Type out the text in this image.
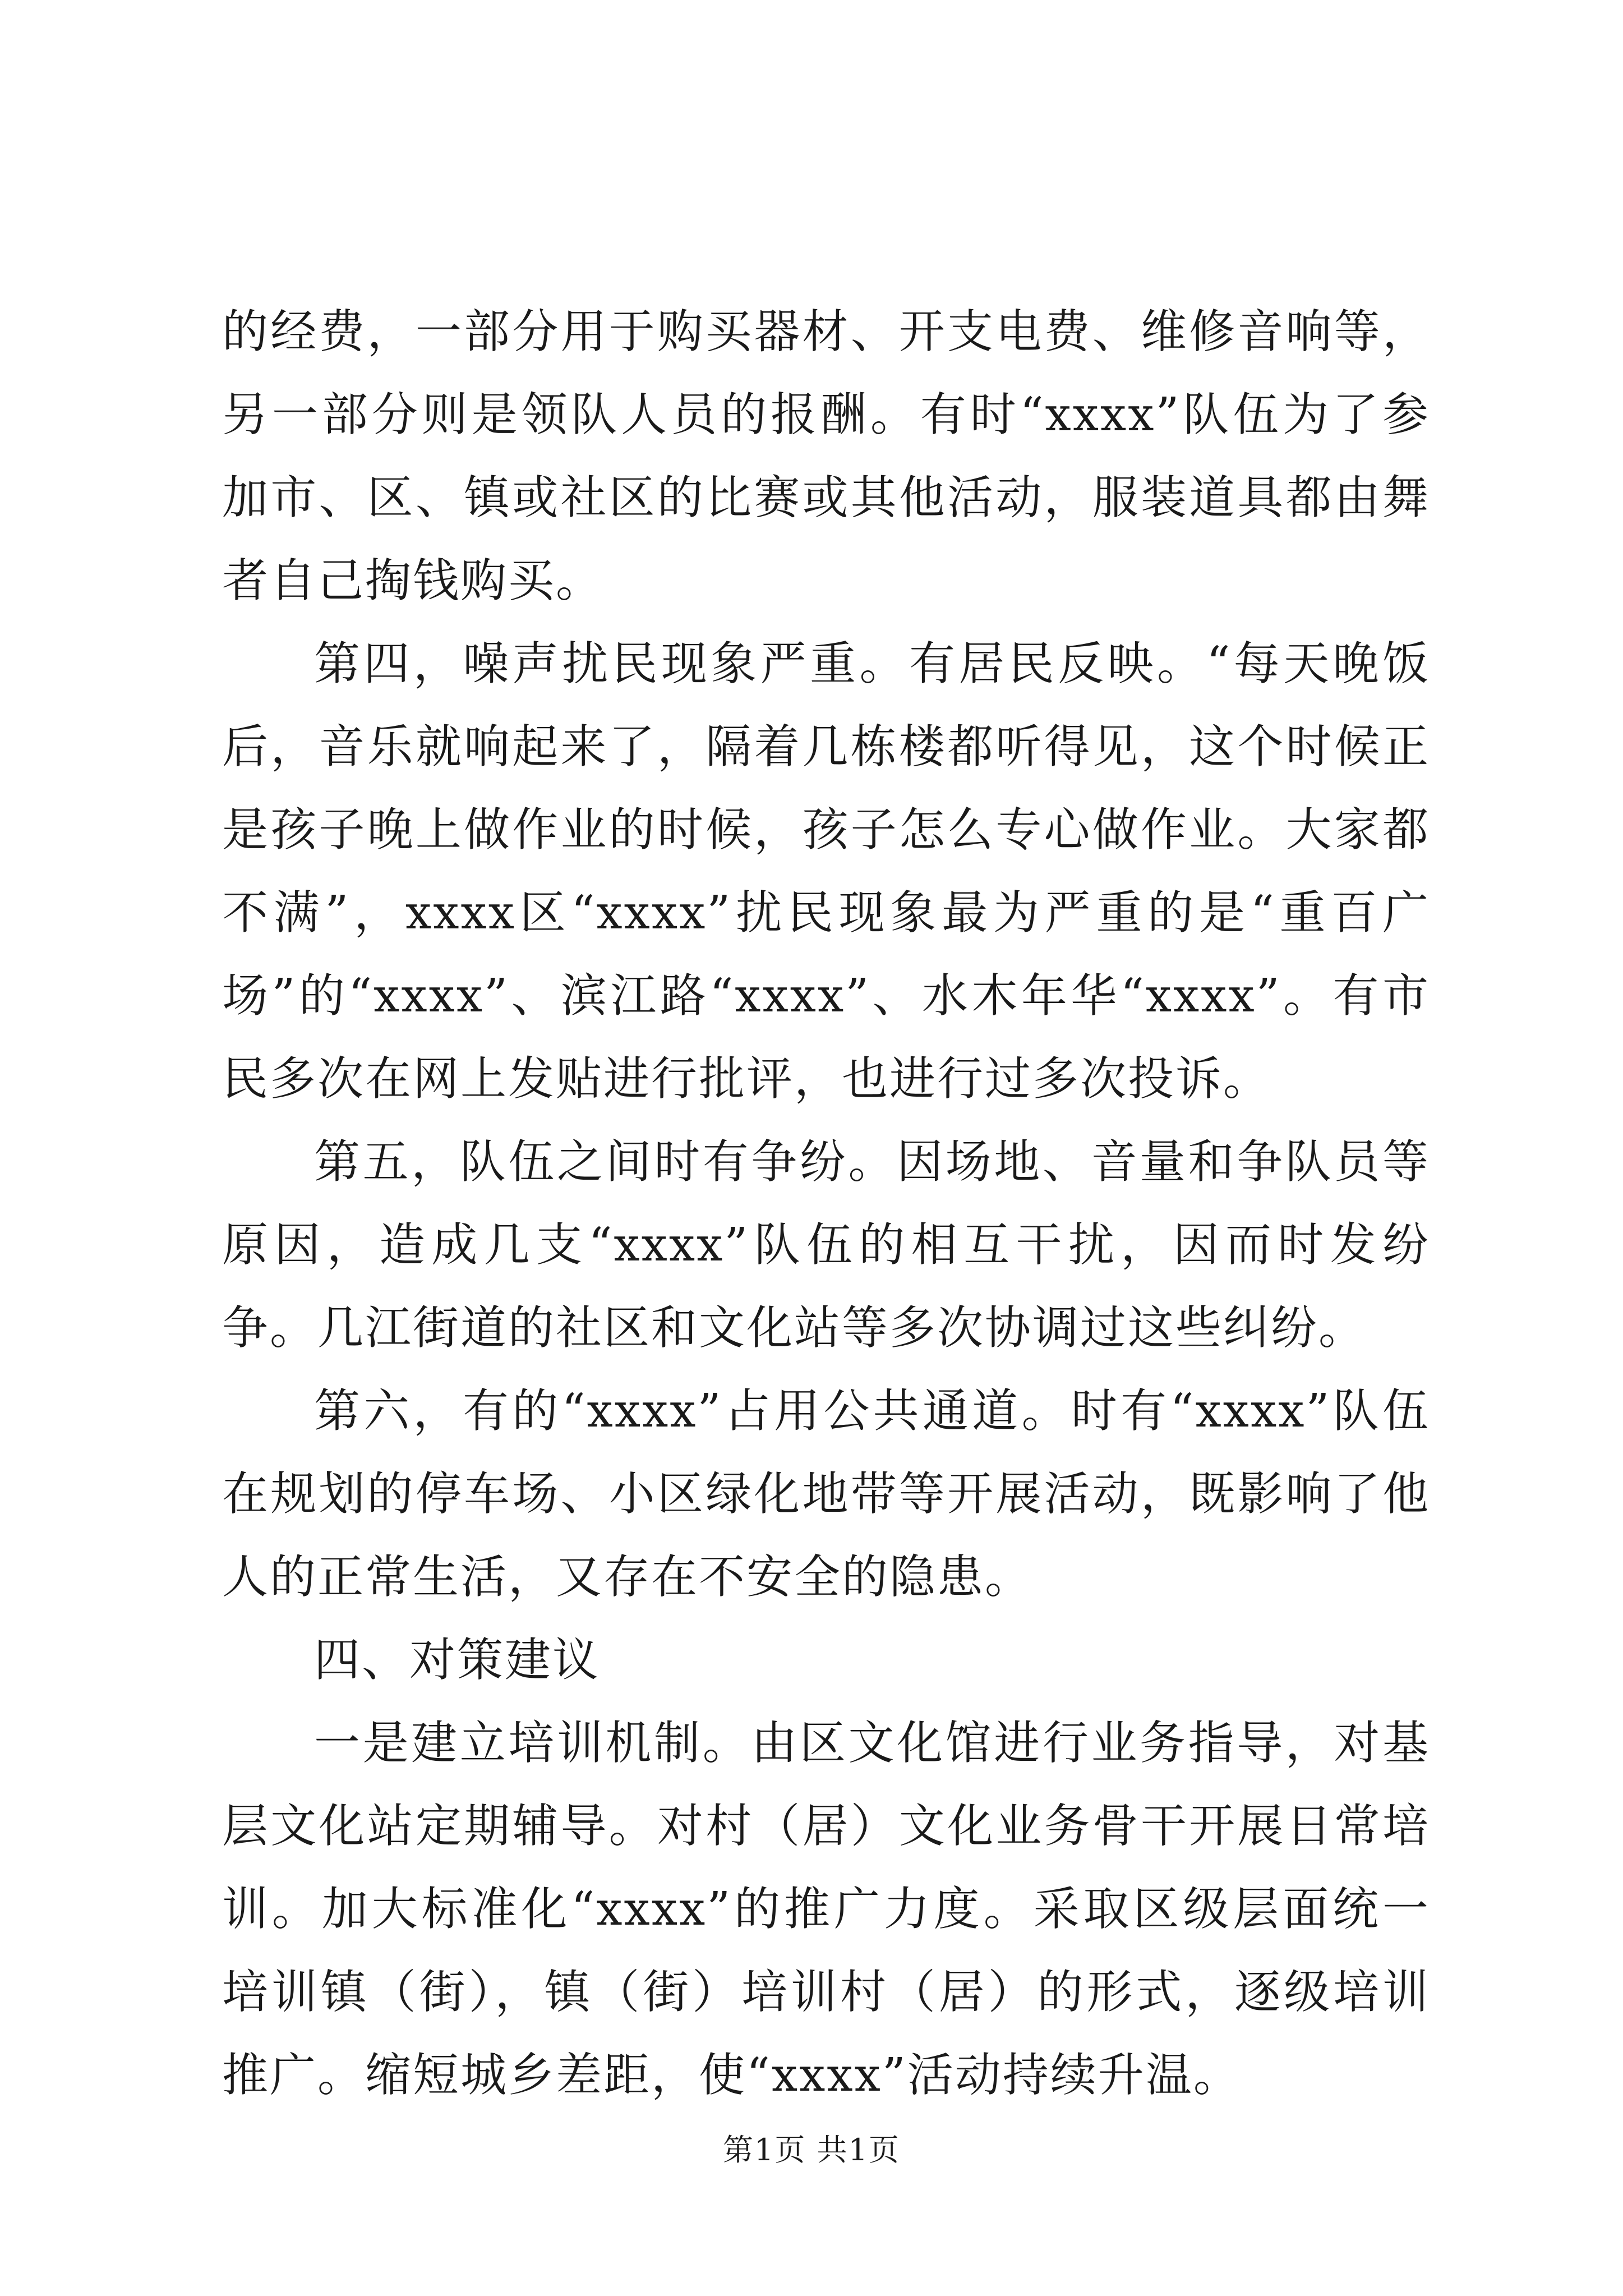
的经费，一部分用于购买器材、开支电费、维修音响等，另一部分则是领队人员的报酬。有时“xxxx”队伍为了参加市、区、镇或社区的比赛或其他活动，服装道具都由舞者自己掏钱购买。

第四，噪声扰民现象严重。有居民反映。“每天晚饭后，音乐就响起来了，隔着几栋楼都听得见，这个时候正是孩子晚上做作业的时候，孩子怎么专心做作业。大家都不满”，xxxx区“xxxx”扰民现象最为严重的是“重百广场”的“xxxx”、滨江路“xxxx”、水木年华“xxxx”。有市民多次在网上发贴进行批评，也进行过多次投诉。

第五，队伍之间时有争纷。因场地、音量和争队员等原因，造成几支“xxxx”队伍的相互干扰，因而时发纷争。几江街道的社区和文化站等多次协调过这些纠纷。

第六，有的“xxxx”占用公共通道。时有“xxxx”队伍在规划的停车场、小区绿化地带等开展活动，既影响了他人的正常生活，又存在不安全的隐患。

四、对策建议

一是建立培训机制。由区文化馆进行业务指导，对基层文化站定期辅导。对村（居）文化业务骨干开展日常培训。加大标准化“xxxx”的推广力度。采取区级层面统一培训镇（街），镇（街）培训村（居）的形式，逐级培训推广。缩短城乡差距，使“xxxx”活动持续升温。

第1页 共1页
